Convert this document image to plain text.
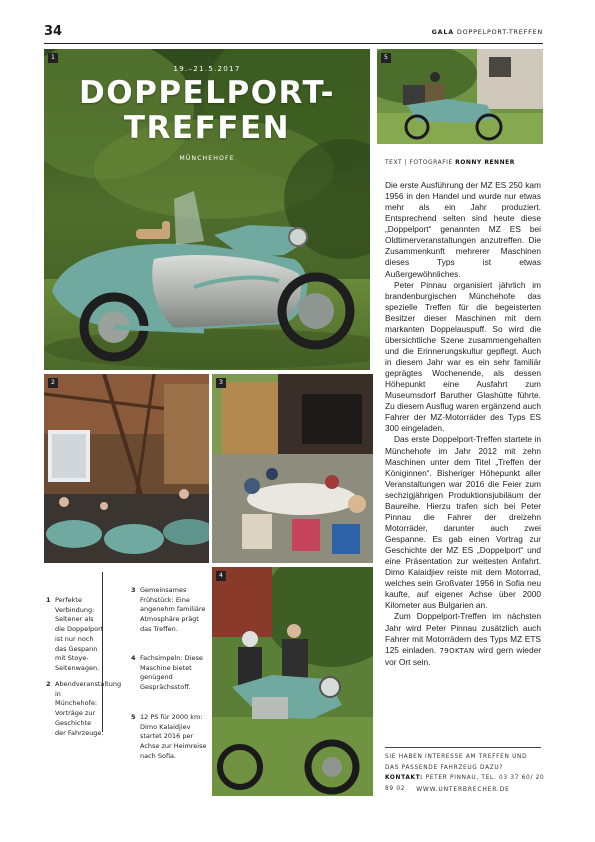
34	GALA DOPPELPORT-TREFFEN
1
19.–21.5.2017
DOPPELPORT-
TREFFEN
MÜNCHEHOFE
2	3
4
5
TEXT | FOTOGRAFIE RONNY RENNER

Die erste Ausführung der MZ ES 250 kam 1956 in den Handel und wurde nur etwas mehr als ein Jahr produziert. Entsprechend selten sind heute diese „Doppelport“ genannten MZ ES bei Oldtimerveranstaltungen anzutreffen. Die Zusammenkunft mehrerer Maschinen dieses Typs ist etwas Außergewöhnliches.

Peter Pinnau organisiert jährlich im brandenburgischen Münchehofe das spezielle Treffen für die begeisterten Besitzer dieser Maschinen mit dem markanten Doppelauspuff. So wird die übersichtliche Szene zusammengehalten und die Erinnerungskultur gepflegt. Auch in diesem Jahr war es ein sehr familiär geprägtes Wochenende, als dessen Höhepunkt eine Ausfahrt zum Museumsdorf Baruther Glashütte führte. Zu diesem Ausflug waren ergänzend auch Fahrer der MZ-Motorräder des Typs ES 300 eingeladen.

Das erste Doppelport-Treffen startete in Münchehofe im Jahr 2012 mit zehn Maschinen unter dem Titel „Treffen der Königinnen“. Bisheriger Höhepunkt aller Veranstaltungen war 2016 die Feier zum sechzigjährigen Produktionsjubiläum der Baureihe. Hierzu trafen sich bei Peter Pinnau die Fahrer der dreizehn Motorräder, darunter auch zwei Gespanne. Es gab einen Vortrag zur Geschichte der MZ ES „Doppelport“ und eine Präsentation zur weitesten Anfahrt. Dimo Kalaidjiev reiste mit dem Motorrad, welches sein Großvater 1956 in Sofia neu kaufte, auf eigener Achse über 2000 Kilometer aus Bulgarien an.

Zum Doppelport-Treffen im nächsten Jahr wird Peter Pinnau zusätzlich auch Fahrer mit Motorrädern des Typs MZ ETS 125 einladen. 79OKTAN wird gern wieder vor Ort sein.

1 Perfekte Verbindung: Seltener als die Doppelport ist nur noch das Gespann mit Stoye-Seitenwagen.
2 Abendveranstaltung in Münchehofe: Vorträge zur Geschichte der Fahrzeuge.
3 Gemeinsames Frühstück: Eine angenehm familiäre Atmosphäre prägt das Treffen.
4 Fachsimpeln: Diese Maschine bietet genügend Gesprächsstoff.
5 12 PS für 2000 km: Dimo Kalaidjiev startet 2016 per Achse zur Heimreise nach Sofia.	SIE HABEN INTERESSE AM TREFFEN UND
DAS PASSENDE FAHRZEUG DAZU?
KONTAKT: PETER PINNAU, TEL. 03 37 60/ 20 89 02	WWW.UNTERBRECHER.DE
